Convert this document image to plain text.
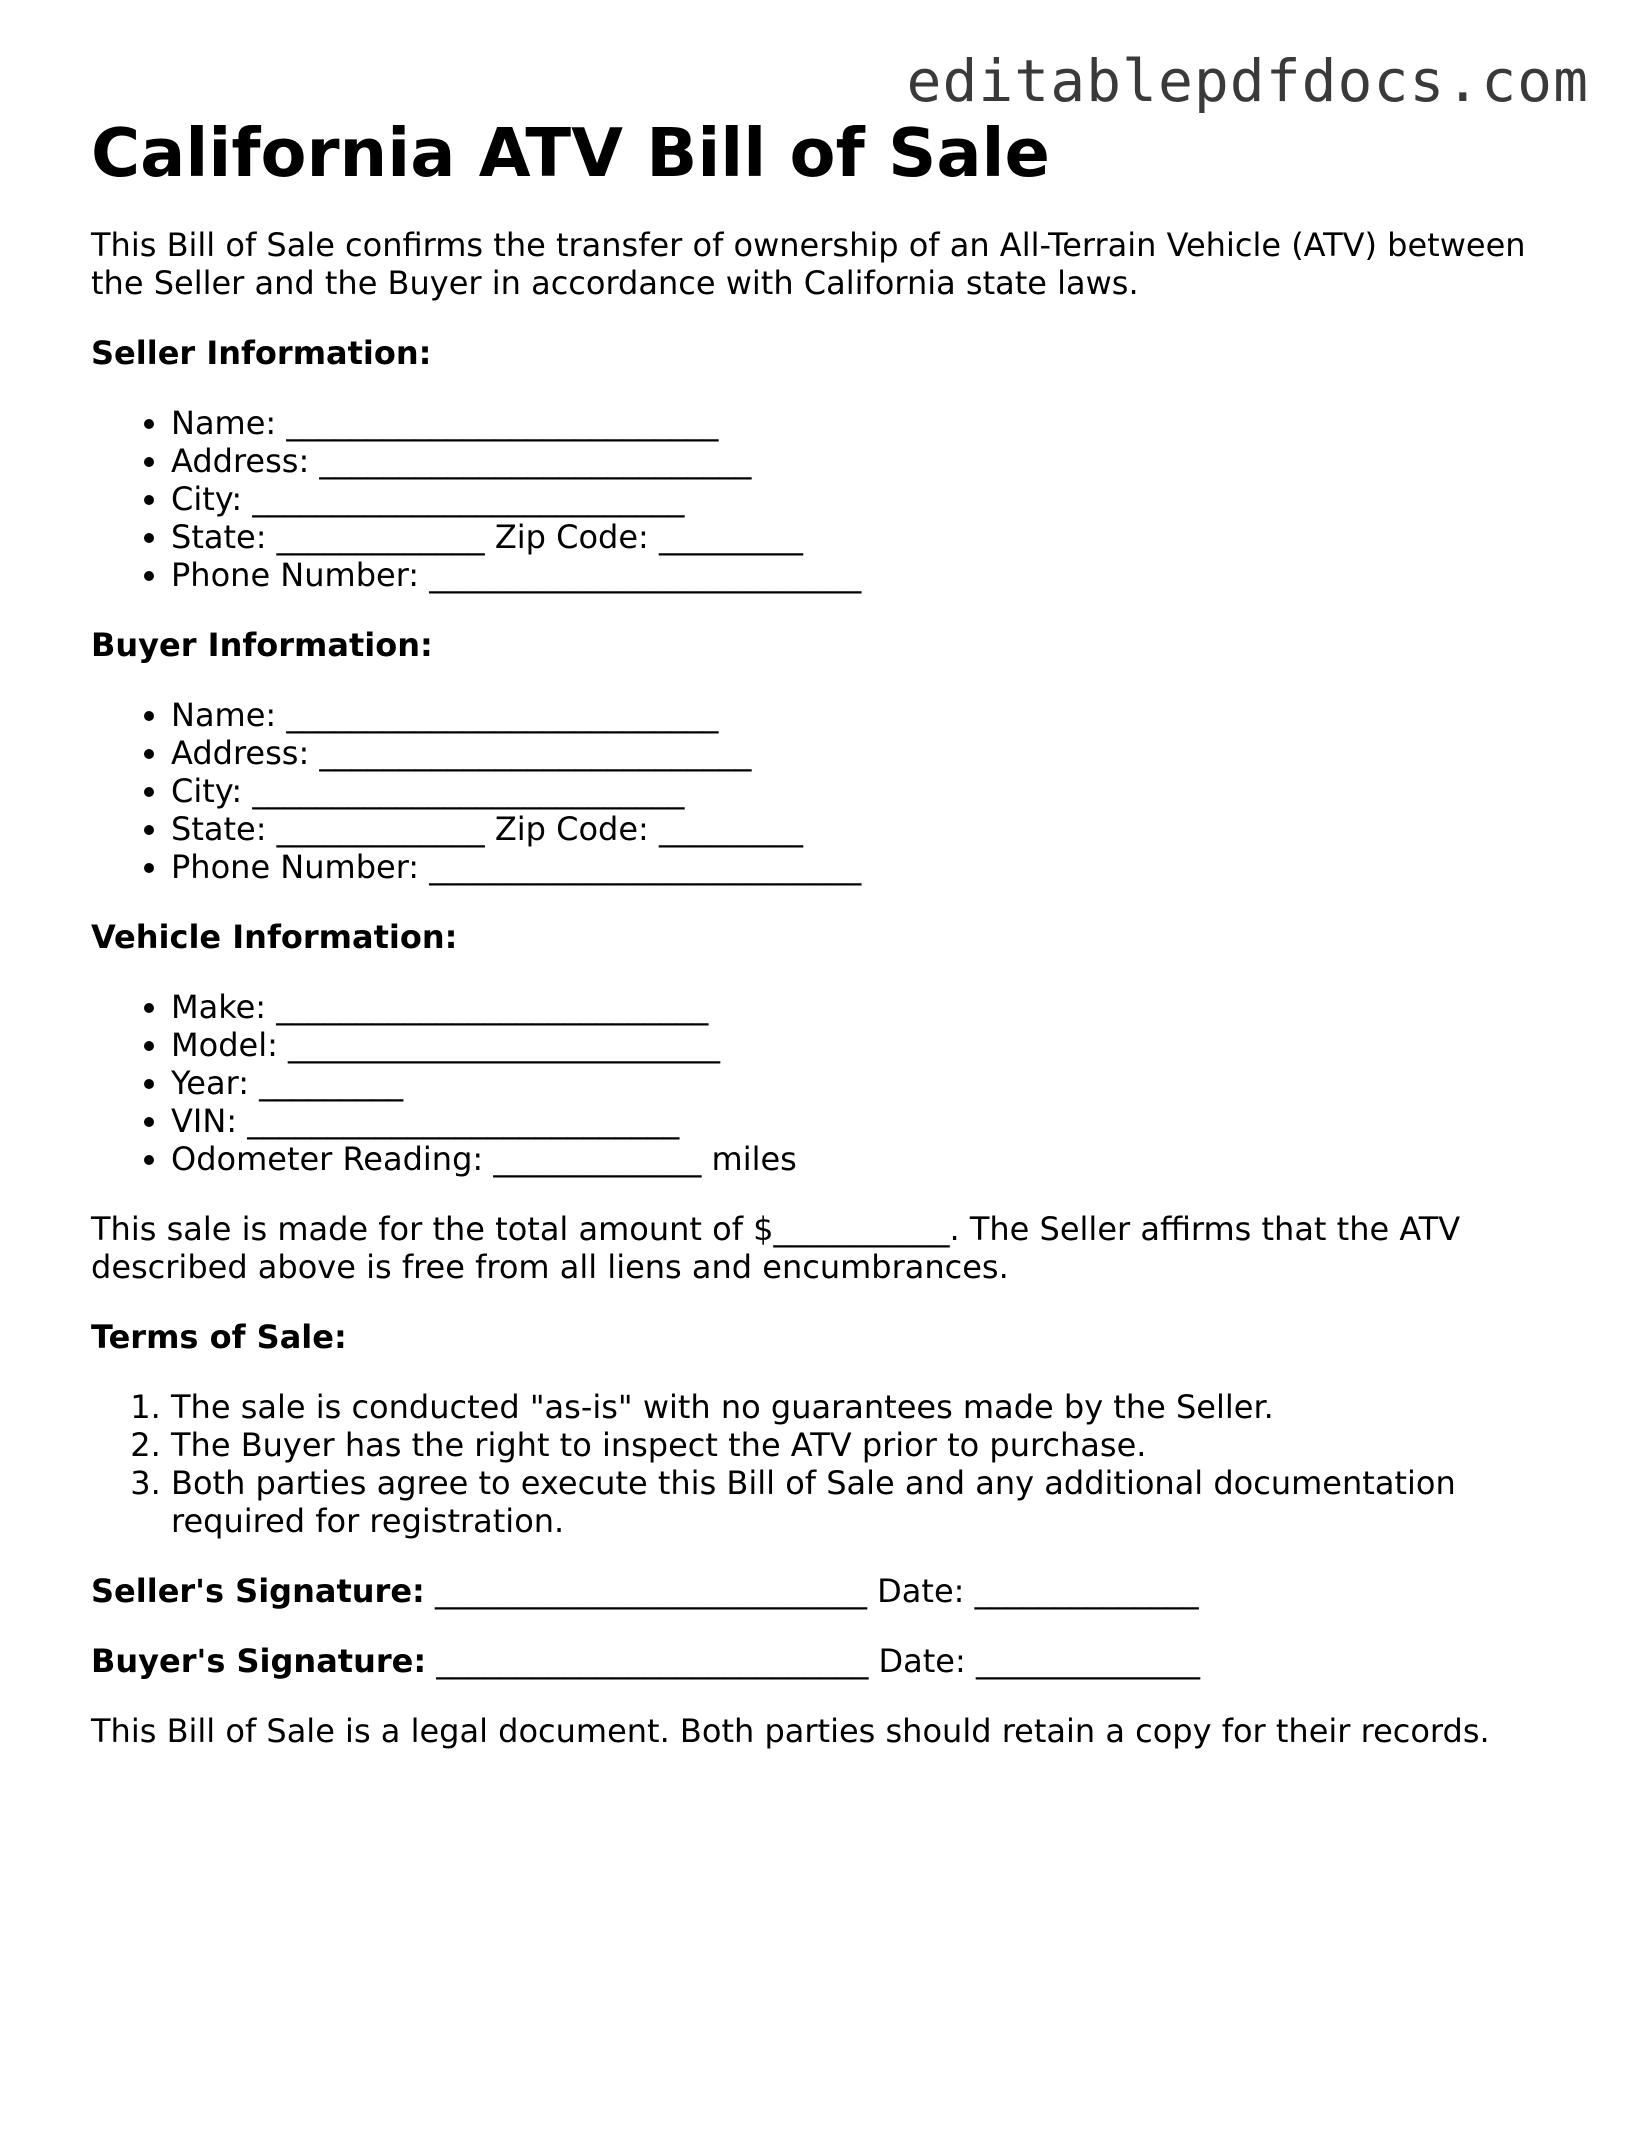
editablepdfdocs.com
California ATV Bill of Sale

This Bill of Sale confirms the transfer of ownership of an All-Terrain Vehicle (ATV) between the Seller and the Buyer in accordance with California state laws.

Seller Information:
• Name: ___________________________
• Address: ___________________________
• City: ___________________________
• State: _____________ Zip Code: _________
• Phone Number: ___________________________
Buyer Information:
• Name: ___________________________
• Address: ___________________________
• City: ___________________________
• State: _____________ Zip Code: _________
• Phone Number: ___________________________
Vehicle Information:
• Make: ___________________________
• Model: ___________________________
• Year: _________
• VIN: ___________________________
• Odometer Reading: _____________ miles

This sale is made for the total amount of $___________. The Seller affirms that the ATV described above is free from all liens and encumbrances.

Terms of Sale:
1. The sale is conducted "as-is" with no guarantees made by the Seller.
2. The Buyer has the right to inspect the ATV prior to purchase.
3. Both parties agree to execute this Bill of Sale and any additional documentation required for registration.
Seller's Signature: ___________________________ Date: ______________
Buyer's Signature: ___________________________ Date: ______________

This Bill of Sale is a legal document. Both parties should retain a copy for their records.
